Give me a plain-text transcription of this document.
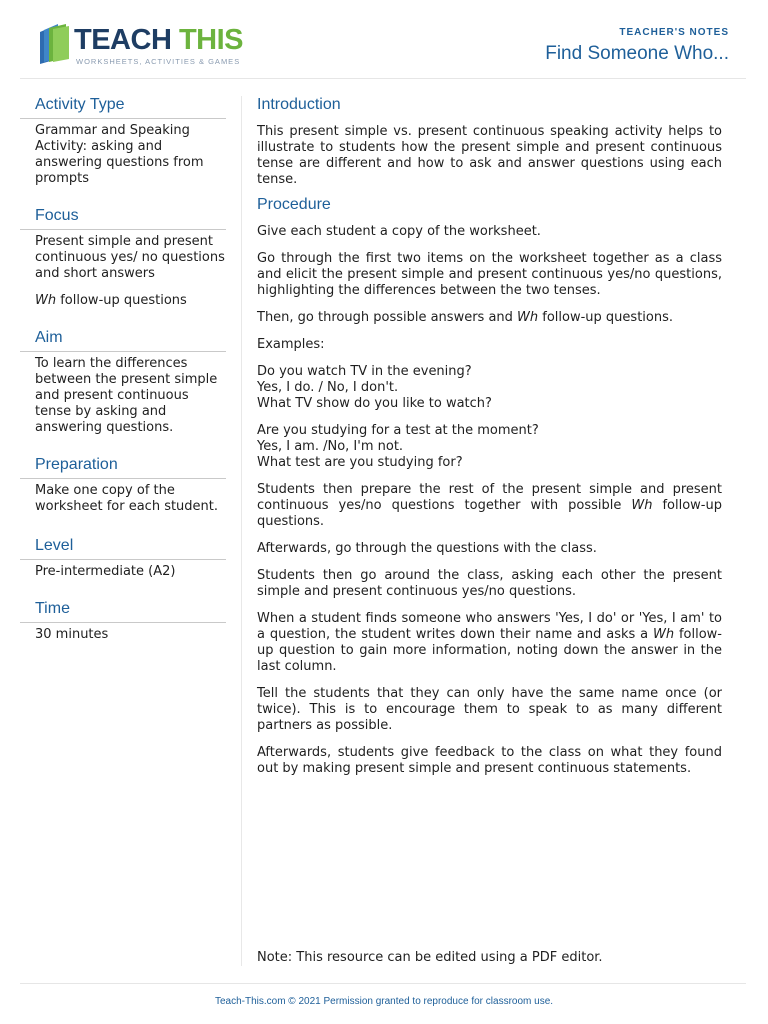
TEACH THIS
WORKSHEETS, ACTIVITIES & GAMES
TEACHER'S NOTES
Find Someone Who...
Activity Type

Grammar and Speaking Activity: asking and answering questions from prompts

Focus

Present simple and present continuous yes/ no questions and short answers

Wh follow-up questions

Aim

To learn the differences between the present simple and present continuous tense by asking and answering questions.

Preparation

Make one copy of the worksheet for each student.

Level

Pre-intermediate (A2)

Time

30 minutes

Introduction

This present simple vs. present continuous speaking activity helps to illustrate to students how the present simple and present continuous tense are different and how to ask and answer questions using each tense.

Procedure

Give each student a copy of the worksheet.

Go through the first two items on the worksheet together as a class and elicit the present simple and present continuous yes/no questions, highlighting the differences between the two tenses.

Then, go through possible answers and Wh follow-up questions.

Examples:

Do you watch TV in the evening?
Yes, I do. / No, I don't.
What TV show do you like to watch?

Are you studying for a test at the moment?
Yes, I am. /No, I'm not.
What test are you studying for?

Students then prepare the rest of the present simple and present continuous yes/no questions together with possible Wh follow-up questions.

Afterwards, go through the questions with the class.

Students then go around the class, asking each other the present simple and present continuous yes/no questions.

When a student finds someone who answers 'Yes, I do' or 'Yes, I am' to a question, the student writes down their name and asks a Wh follow-up question to gain more information, noting down the answer in the last column.

Tell the students that they can only have the same name once (or twice). This is to encourage them to speak to as many different partners as possible.

Afterwards, students give feedback to the class on what they found out by making present simple and present continuous statements.

Note: This resource can be edited using a PDF editor.
Teach-This.com © 2021 Permission granted to reproduce for classroom use.
